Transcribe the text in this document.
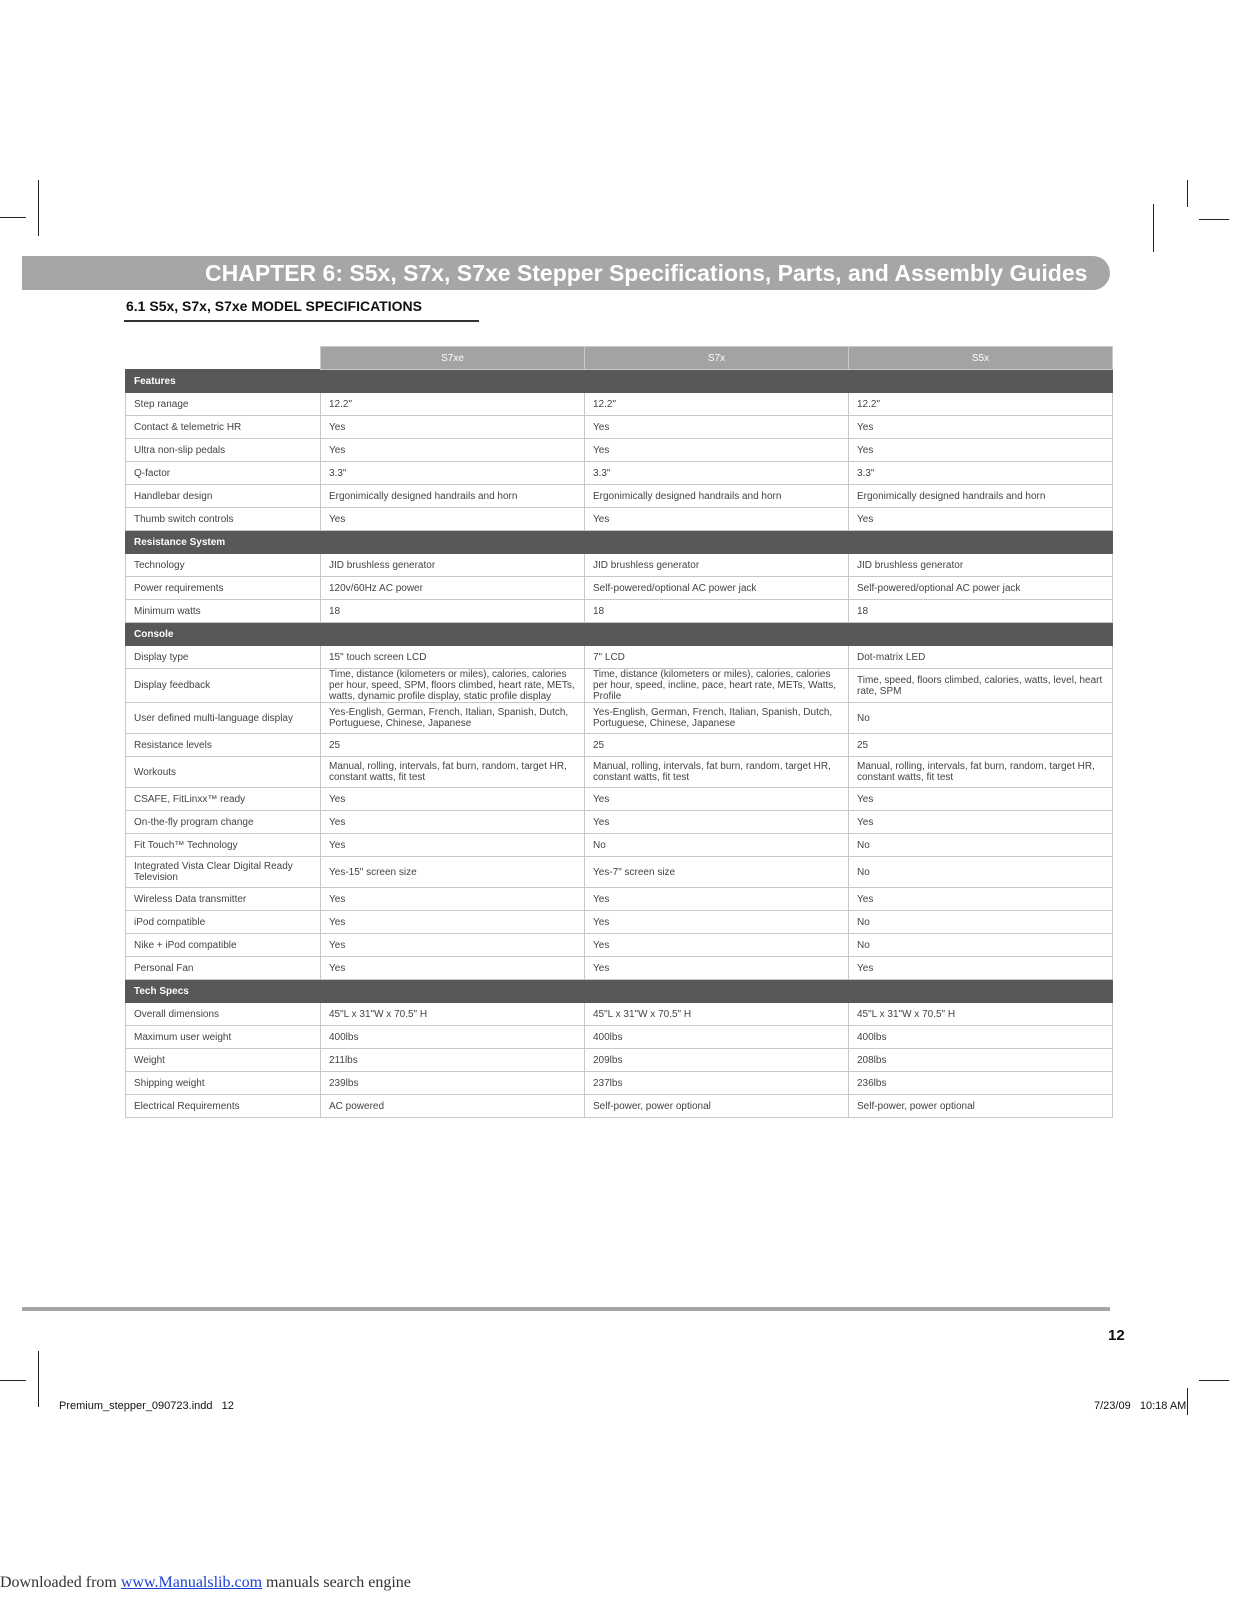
CHAPTER 6: S5x, S7x, S7xe Stepper Specifications, Parts, and Assembly Guides
6.1 S5x, S7x, S7xe MODEL SPECIFICATIONS
	S7xe	S7x	S5x
Features			
Step ranage	12.2"	12.2"	12.2"
Contact & telemetric HR	Yes	Yes	Yes
Ultra non-slip pedals	Yes	Yes	Yes
Q-factor	3.3"	3.3"	3.3"
Handlebar design	Ergonimically designed handrails and horn	Ergonimically designed handrails and horn	Ergonimically designed handrails and horn
Thumb switch controls	Yes	Yes	Yes
Resistance System			
Technology	JID brushless generator	JID brushless generator	JID brushless generator
Power requirements	120v/60Hz AC power	Self-powered/optional AC power jack	Self-powered/optional AC power jack
Minimum watts	18	18	18
Console			
Display type	15" touch screen LCD	7" LCD	Dot-matrix LED
Display feedback	Time, distance (kilometers or miles), calories, calories per hour, speed, SPM, floors climbed, heart rate, METs, watts, dynamic profile display, static profile display	Time, distance (kilometers or miles), calories, calories per hour, speed, incline, pace, heart rate, METs, Watts, Profile	Time, speed, floors climbed, calories, watts, level, heart rate, SPM
User defined multi-language display	Yes-English, German, French, Italian, Spanish, Dutch, Portuguese, Chinese, Japanese	Yes-English, German, French, Italian, Spanish, Dutch, Portuguese, Chinese, Japanese	No
Resistance levels	25	25	25
Workouts	Manual, rolling, intervals, fat burn, random, target HR, constant watts, fit test	Manual, rolling, intervals, fat burn, random, target HR, constant watts, fit test	Manual, rolling, intervals, fat burn, random, target HR, constant watts, fit test
CSAFE, FitLinxx™ ready	Yes	Yes	Yes
On-the-fly program change	Yes	Yes	Yes
Fit Touch™ Technology	Yes	No	No
Integrated Vista Clear Digital Ready Television	Yes-15" screen size	Yes-7" screen size	No
Wireless Data transmitter	Yes	Yes	Yes
iPod compatible	Yes	Yes	No
Nike + iPod compatible	Yes	Yes	No
Personal Fan	Yes	Yes	Yes
Tech Specs			
Overall dimensions	45"L x 31"W x 70.5" H	45"L x 31"W x 70.5" H	45"L x 31"W x 70.5" H
Maximum user weight	400lbs	400lbs	400lbs
Weight	211lbs	209lbs	208lbs
Shipping weight	239lbs	237lbs	236lbs
Electrical Requirements	AC powered	Self-power, power optional	Self-power, power optional
12
Premium_stepper_090723.indd   12	7/23/09   10:18 AM
Downloaded from www.Manualslib.com manuals search engine
